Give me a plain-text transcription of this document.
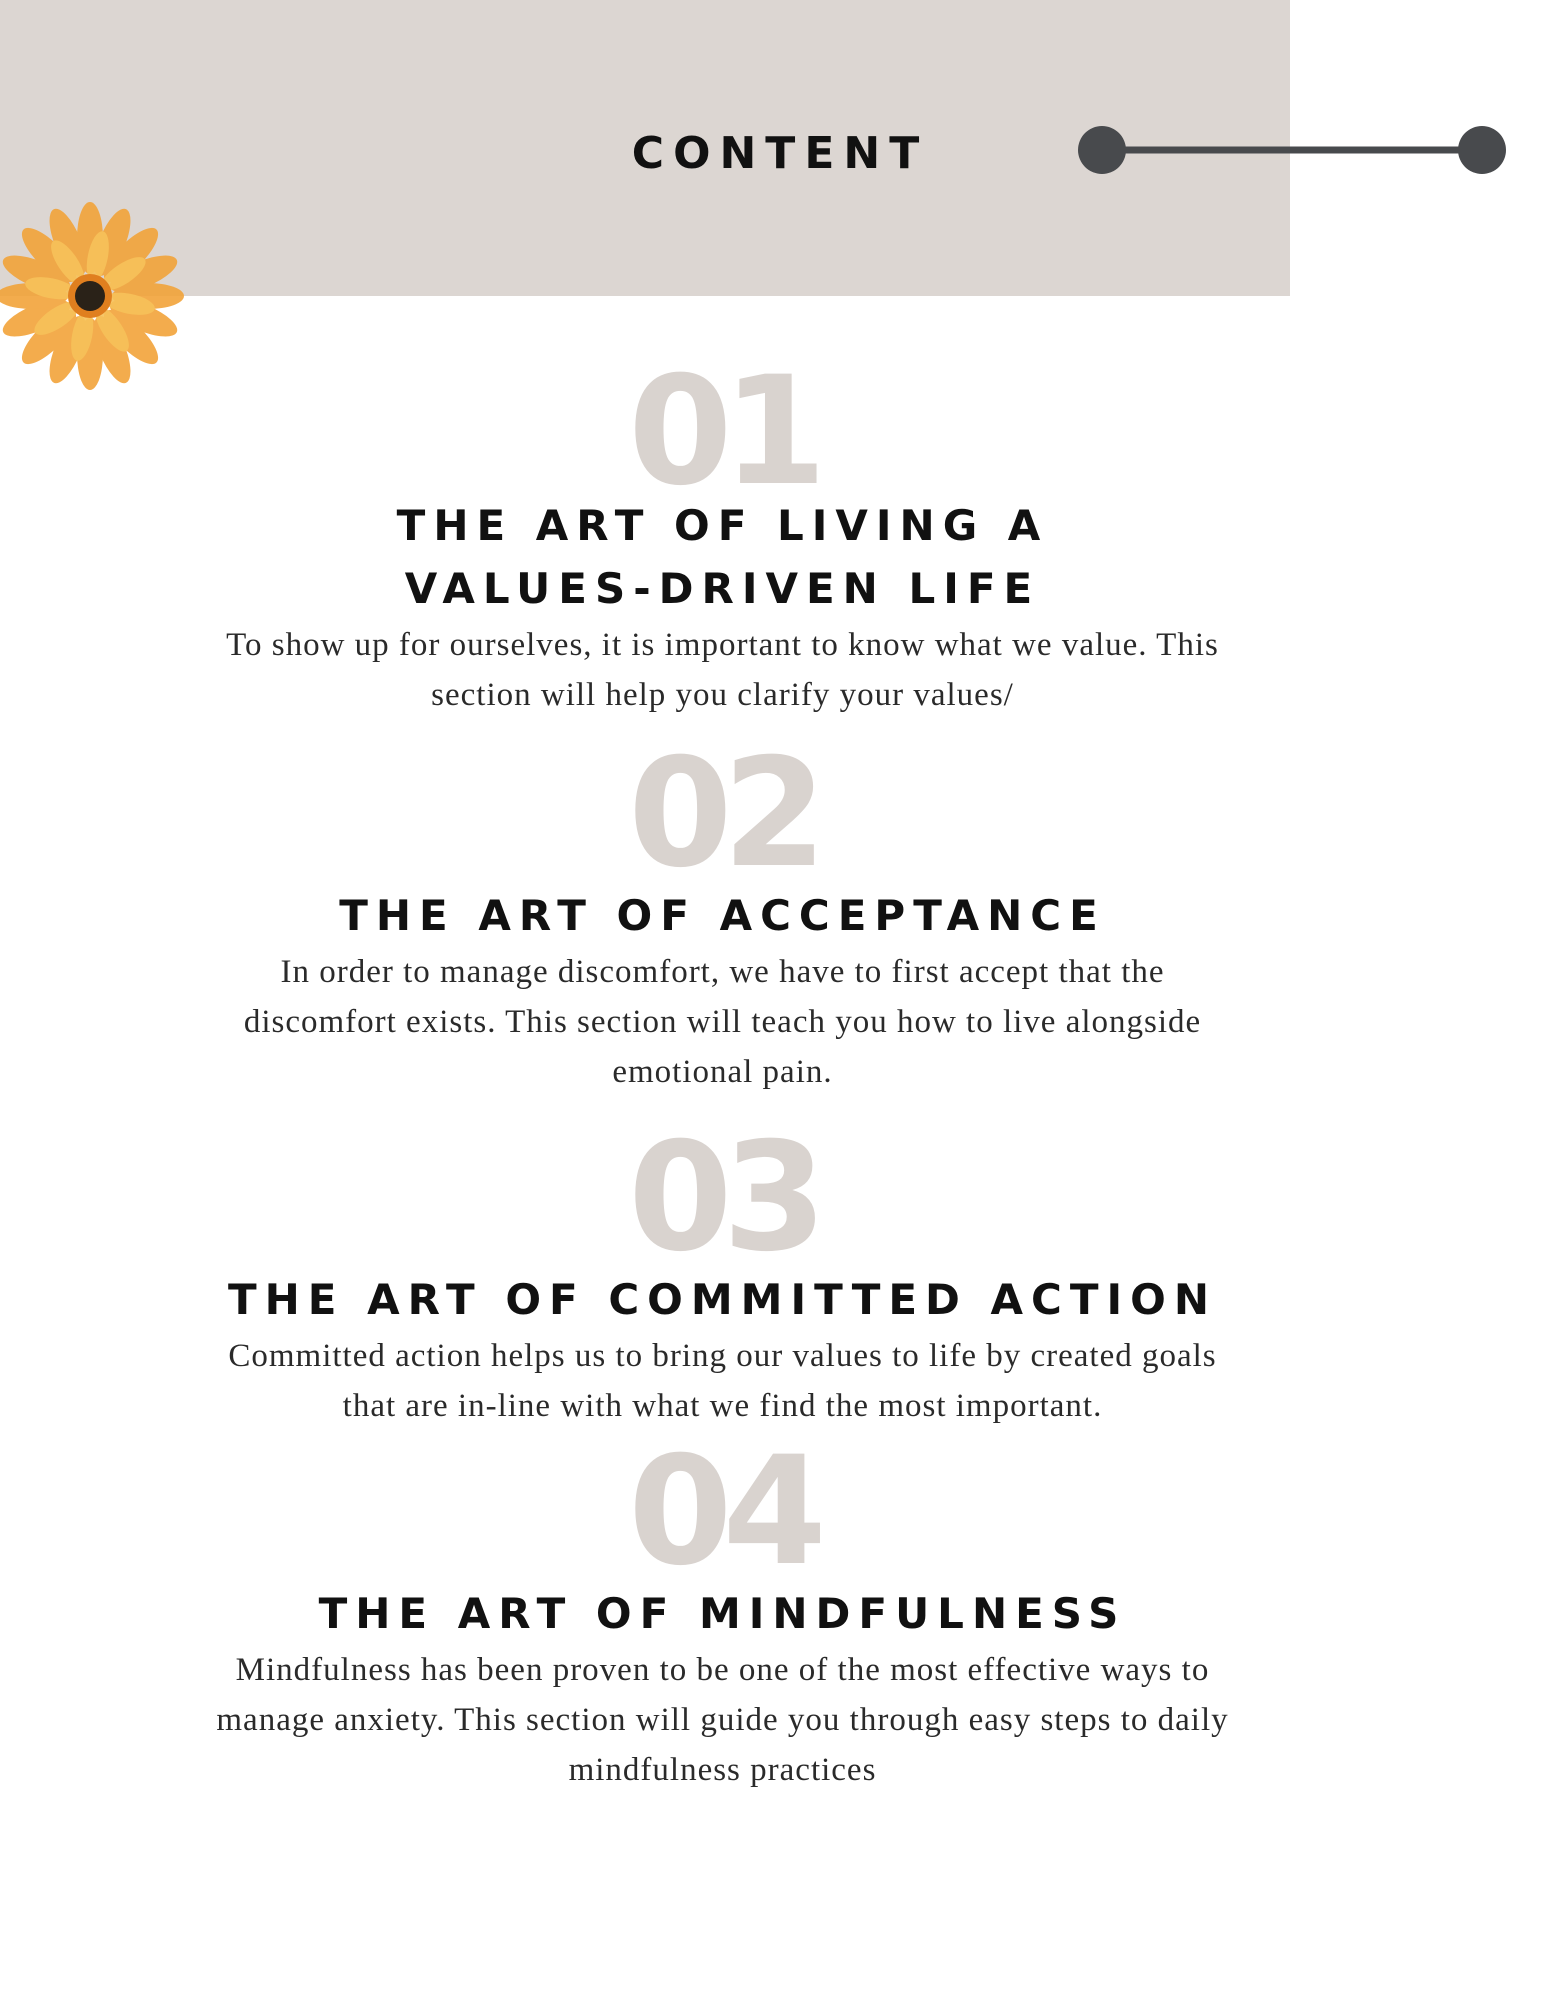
CONTENT
01
THE ART OF LIVING A VALUES-DRIVEN LIFE

To show up for ourselves, it is important to know what we value. This section will help you clarify your values/

02
THE ART OF ACCEPTANCE

In order to manage discomfort, we have to first accept that the discomfort exists. This section will teach you how to live alongside emotional pain.

03
THE ART OF COMMITTED ACTION

Committed action helps us to bring our values to life by created goals that are in-line with what we find the most important.

04
THE ART OF MINDFULNESS

Mindfulness has been proven to be one of the most effective ways to manage anxiety. This section will guide you through easy steps to daily mindfulness practices
